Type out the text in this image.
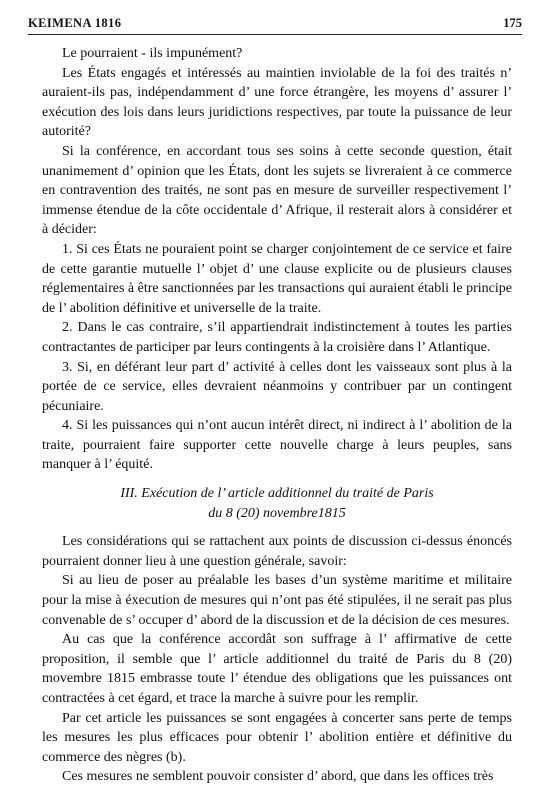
KEIMENA 1816	175

Le pourraient - ils impunément?

Les États engagés et intéressés au maintien inviolable de la foi des traités n’ auraient-ils pas, indépendamment d’ une force étrangère, les moyens d’ assurer l’ exécution des lois dans leurs juridictions respectives, par toute la puissance de leur autorité?

Si la conférence, en accordant tous ses soins à cette seconde question, était unanimement d’ opinion que les États, dont les sujets se livreraient à ce commerce en contravention des traités, ne sont pas en mesure de surveiller respectivement l’ immense étendue de la côte occidentale d’ Afrique, il resterait alors à considérer et à décider:

1. Si ces États ne pouraient point se charger conjointement de ce service et faire de cette garantie mutuelle l’ objet d’ une clause explicite ou de plusieurs clauses réglementaires à être sanctionnées par les transactions qui auraient établi le principe de l’ abolition définitive et universelle de la traite.

2. Dans le cas contraire, s’il appartiendrait indistinctement à toutes les parties contractantes de participer par leurs contingents à la croisière dans l’ Atlantique.

3. Si, en déférant leur part d’ activité à celles dont les vaisseaux sont plus à la portée de ce service, elles devraient néanmoins y contribuer par un contingent pécuniaire.

4. Si les puissances qui n’ont aucun intérêt direct, ni indirect à l’ abolition de la traite, pourraient faire supporter cette nouvelle charge à leurs peuples, sans manquer à l’ équité.

III. Exécution de l’ article additionnel du traité de Paris
du 8 (20) novembre1815

Les considérations qui se rattachent aux points de discussion ci-dessus énoncés pourraient donner lieu à une question générale, savoir:

Si au lieu de poser au préalable les bases d’un système maritime et militaire pour la mise à éxecution de mesures qui n’ont pas été stipulées, il ne serait pas plus convenable de s’ occuper d’ abord de la discussion et de la décision de ces mesures.

Au cas que la conférence accordât son suffrage à l’ affirmative de cette proposition, il semble que l’ article additionnel du traité de Paris du 8 (20) movembre 1815 embrasse toute l’ étendue des obligations que les puissances ont contractées à cet égard, et trace la marche à suivre pour les remplir.

Par cet article les puissances se sont engagées à concerter sans perte de temps les mesures les plus efficaces pour obtenir l’ abolition entière et définitive du commerce des nègres (b).

Ces mesures ne semblent pouvoir consister d’ abord, que dans les offices très
